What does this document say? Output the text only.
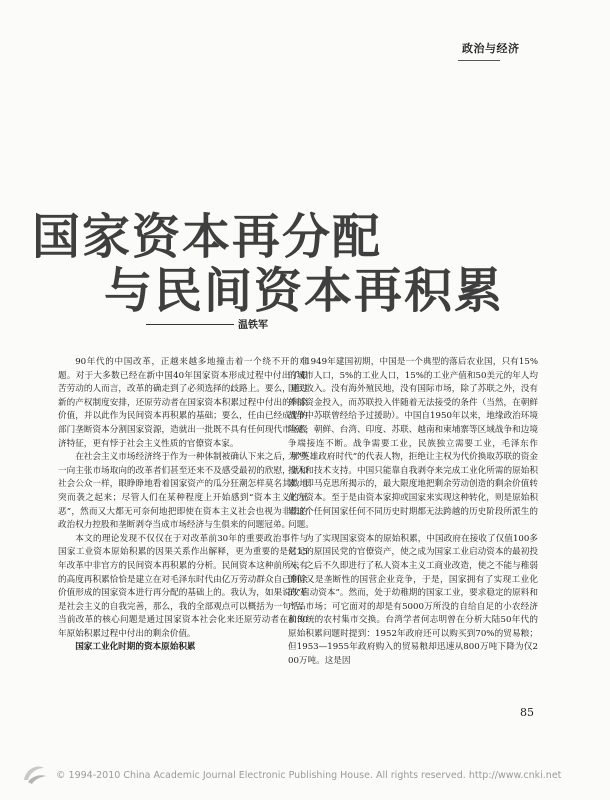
政治与经济
国家资本再分配
与民间资本再积累
温铁军

90年代的中国改革，正越来越多地撞击着一个绕不开的难题。对于大多数已经在新中国40年国家资本形成过程中付出了艰苦劳动的人而言，改革的确走到了必须选择的歧路上。要么，通过新的产权制度安排，还原劳动者在国家资本积累过程中付出的剩余价值，并以此作为民间资本再积累的基础；要么，任由已经成型的部门垄断资本分割国家资源，造就出一批既不具有任何现代市场经济特征，更有悖于社会主义性质的官僚资本家。

在社会主义市场经济终于作为一种体制被确认下来之后，那些一向主张市场取向的改革者们甚至还来不及感受最初的欣慰，就和社会公众一样，眼睁睁地看着国家资产的瓜分狂潮怎样莫名其妙地突而袭之起来；尽管人们在某种程度上开始感到“资本主义的丑恶”，然而又大都无可奈何地把即使在资本主义社会也视为非法的政治权力控股和垄断剥夺当成市场经济与生俱来的问题冠弟。

本文的理论发现不仅仅在于对改革前30年的重要政治事件与国家工业资本原始积累的因果关系作出解释，更为重要的是对15年改革中非官方的民间资本再积累的分析。民间资本这种前所未有的高度再积累恰恰是建立在对毛泽东时代由亿万劳动群众自己剩余价值形成的国家资本进行再分配的基础上的。我认为，如果说改革是社会主义的自我完善，那么，我的全部观点可以概括为一句话：当前改革的核心问题是通过国家资本社会化来还原劳动者在前30年原始积累过程中付出的剩余价值。

国家工业化时期的资本原始积累

1949年建国初期，中国是一个典型的落后农业国，只有15%的城市人口，5%的工业人口，15%的工业产值和50美元的年人均国民收入。没有海外殖民地，没有国际市场，除了苏联之外，没有外部资金投入，而苏联投入伴随着无法接受的条件（当然，在朝鲜战争中苏联曾经给予过援助）。中国自1950年以来，地缘政治环境险恶，朝鲜、台湾、印度、苏联、越南和柬埔寨等区域战争和边境争端接连不断。战争需要工业，民族独立需要工业，毛泽东作为“英雄政府时代”的代表人物，拒绝让主权为代价换取苏联的资金投入和技术支持。中国只能靠自我剥夺来完成工业化所需的原始积累，即马克思所揭示的，最大限度地把剩余劳动创造的剩余价值转化为资本。至于是由资本家抑或国家来实现这种转化，则是原始积累这个任何国家任何不同历史时期都无法跨越的历史阶段所派生的问题。

为了实现国家资本的原始积累，中国政府在接收了仅值100多亿元的原国民党的官僚资产，使之成为国家工业启动资本的最初投入，之后不久即进行了私人资本主义工商业改造，使之不能与稚弱的但又是垄断性的国营企业竞争，于是，国家拥有了实现工业化的“启动资本”。然而，处于幼稚期的国家工业，要求稳定的原料和产品市场；可它面对的却是有5000万所没的自给自足的小农经济和传统的农村集市交换。台湾学者何志明曾在分析大陆50年代的原始积累问题时提到：1952年政府还可以购买到70%的贸易粮；但1953—1955年政府购入的贸易粮却迅速从800万吨下降为仅200万吨。这是因

85
© 1994-2010 China Academic Journal Electronic Publishing House. All rights reserved. http://www.cnki.net
